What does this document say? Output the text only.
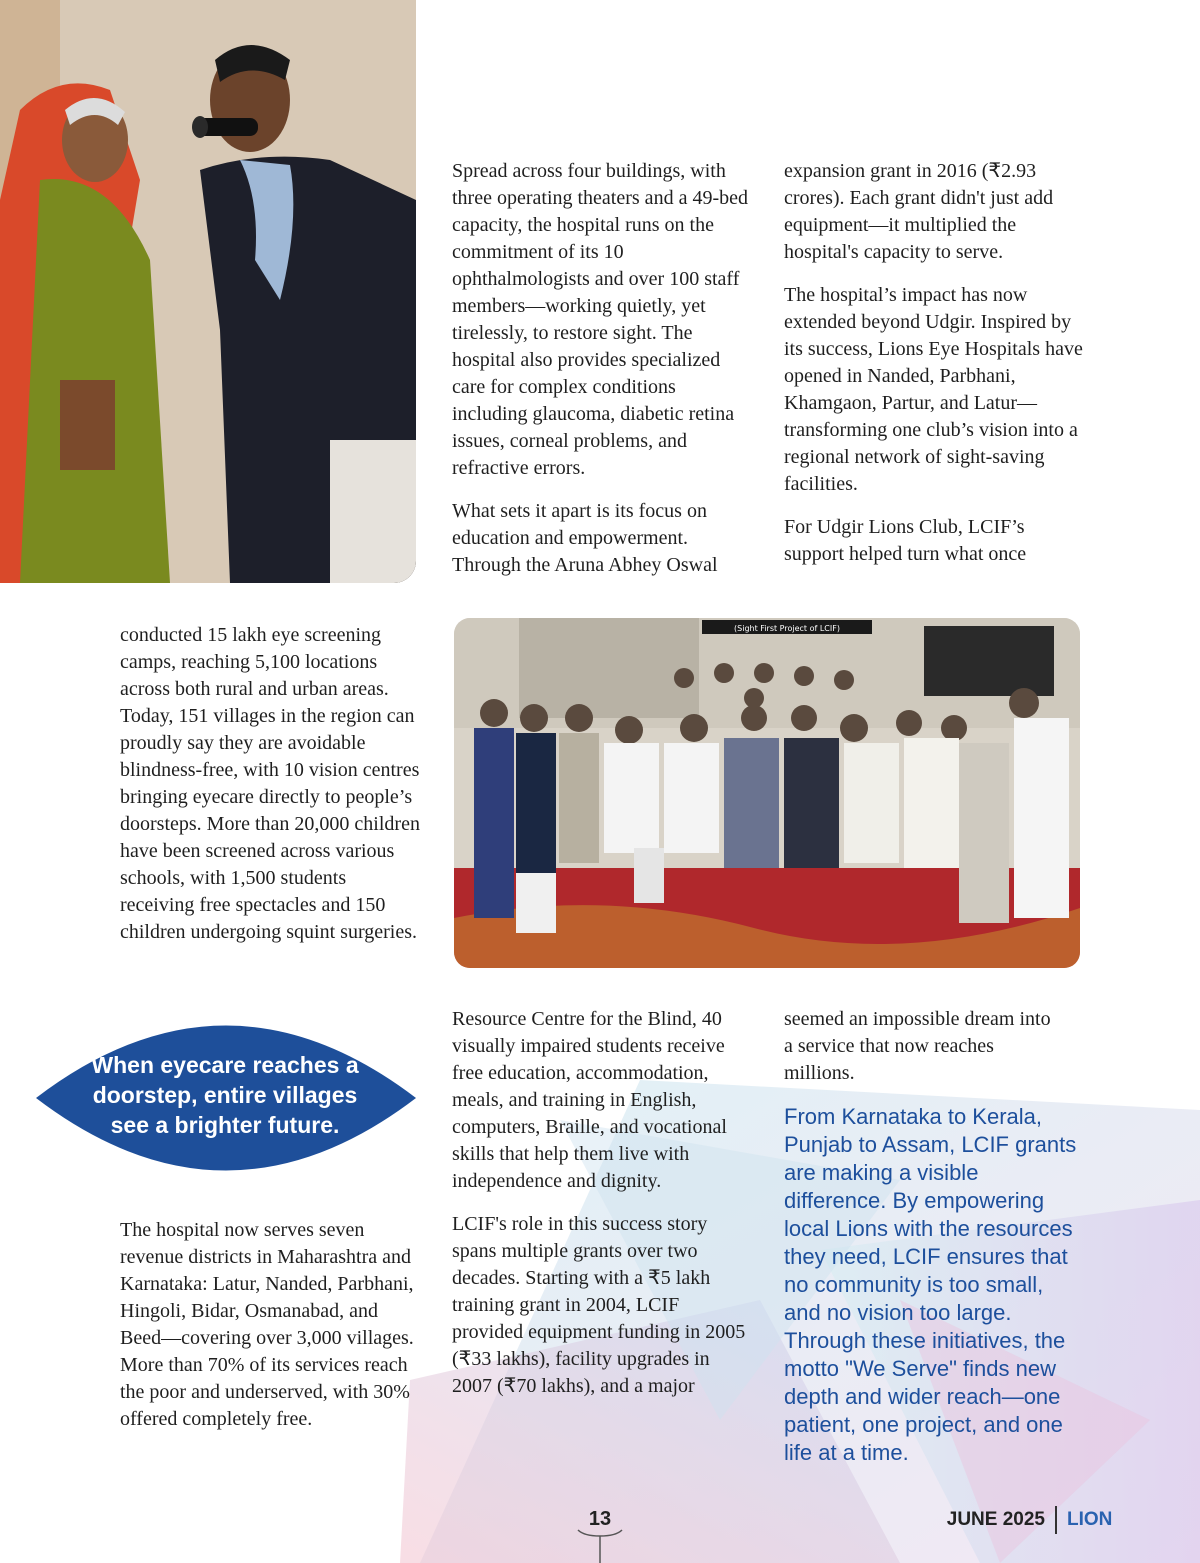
(Sight First Project of LCIF)

Spread across four buildings, with three operating theaters and a 49-bed capacity, the hospital runs on the commitment of its 10 ophthalmologists and over 100 staff members—working quietly, yet tirelessly, to restore sight. The hospital also provides specialized care for complex conditions including glaucoma, diabetic retina issues, corneal problems, and refractive errors.

What sets it apart is its focus on education and empowerment. Through the Aruna Abhey Oswal

expansion grant in 2016 (₹2.93 crores). Each grant didn't just add equipment—it multiplied the hospital's capacity to serve.

The hospital’s impact has now extended beyond Udgir. Inspired by its success, Lions Eye Hospitals have opened in Nanded, Parbhani, Khamgaon, Partur, and Latur—transforming one club’s vision into a regional network of sight-saving facilities.

For Udgir Lions Club, LCIF’s support helped turn what once

conducted 15 lakh eye screening camps, reaching 5,100 locations across both rural and urban areas. Today, 151 villages in the region can proudly say they are avoidable blindness-free, with 10 vision centres bringing eyecare directly to people’s doorsteps. More than 20,000 children have been screened across various schools, with 1,500 students receiving free spectacles and 150 children undergoing squint surgeries.

When eyecare reaches a doorstep, entire villages see a brighter future.

The hospital now serves seven revenue districts in Maharashtra and Karnataka: Latur, Nanded, Parbhani, Hingoli, Bidar, Osmanabad, and Beed—covering over 3,000 villages. More than 70% of its services reach the poor and underserved, with 30% offered completely free.

Resource Centre for the Blind, 40 visually impaired students receive free education, accommodation, meals, and training in English, computers, Braille, and vocational skills that help them live with independence and dignity.

LCIF's role in this success story spans multiple grants over two decades. Starting with a ₹5 lakh training grant in 2004, LCIF provided equipment funding in 2005 (₹33 lakhs), facility upgrades in 2007 (₹70 lakhs), and a major

seemed an impossible dream into a service that now reaches millions.

From Karnataka to Kerala, Punjab to Assam, LCIF grants are making a visible difference. By empowering local Lions with the resources they need, LCIF ensures that no community is too small, and no vision too large. Through these initiatives, the motto "We Serve" finds new depth and wider reach—one patient, one project, and one life at a time.
13	JUNE 2025 LION
